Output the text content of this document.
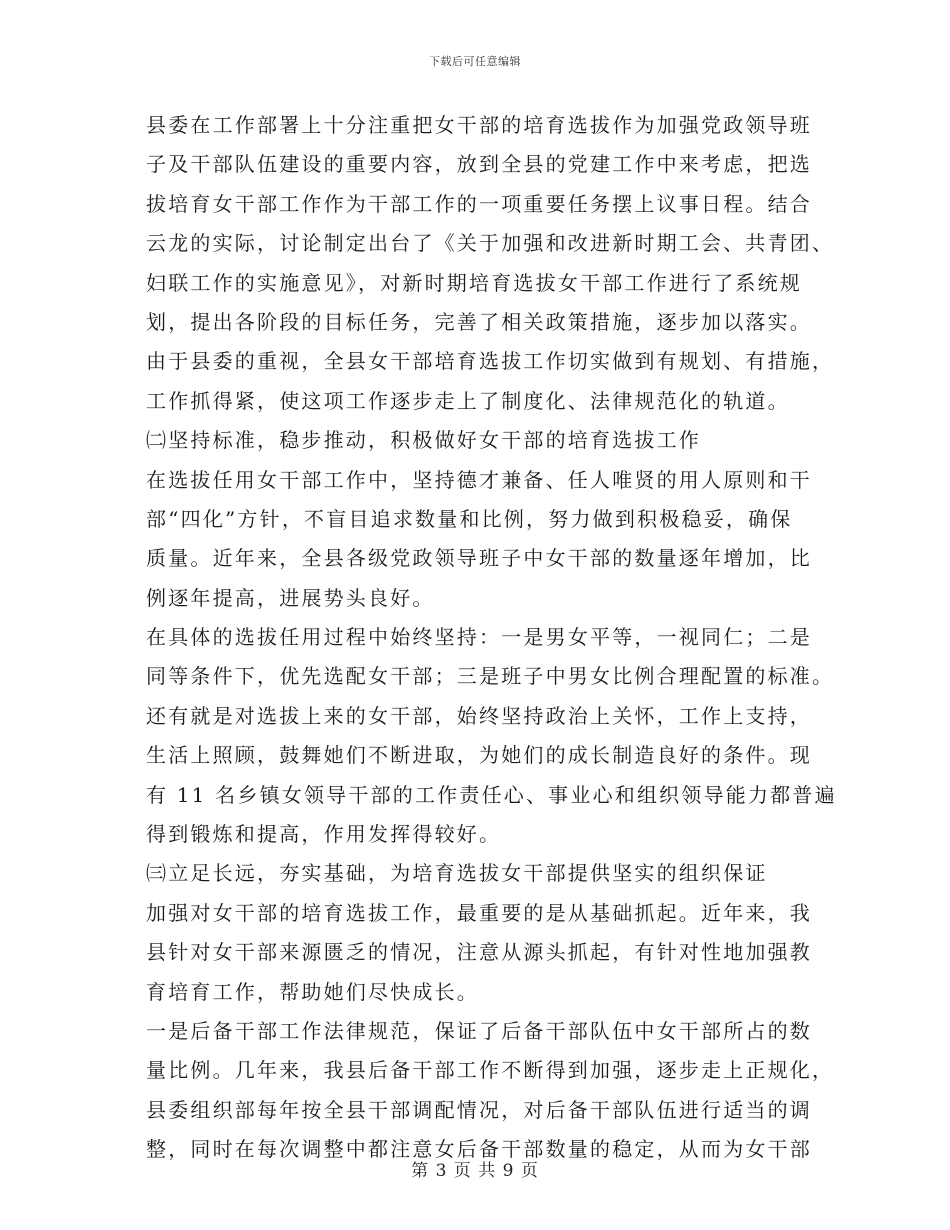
下载后可任意编辑
县委在工作部署上十分注重把女干部的培育选拔作为加强党政领导班
子及干部队伍建设的重要内容，放到全县的党建工作中来考虑，把选
拔培育女干部工作作为干部工作的一项重要任务摆上议事日程。结合
云龙的实际，讨论制定出台了《关于加强和改进新时期工会、共青团、
妇联工作的实施意见》，对新时期培育选拔女干部工作进行了系统规
划，提出各阶段的目标任务，完善了相关政策措施，逐步加以落实。
由于县委的重视，全县女干部培育选拔工作切实做到有规划、有措施，
工作抓得紧，使这项工作逐步走上了制度化、法律规范化的轨道。
㈡坚持标准，稳步推动，积极做好女干部的培育选拔工作
在选拔任用女干部工作中，坚持德才兼备、任人唯贤的用人原则和干
部“四化”方针，不盲目追求数量和比例，努力做到积极稳妥，确保
质量。近年来，全县各级党政领导班子中女干部的数量逐年增加，比
例逐年提高，进展势头良好。
在具体的选拔任用过程中始终坚持：一是男女平等，一视同仁；二是
同等条件下，优先选配女干部；三是班子中男女比例合理配置的标准。
还有就是对选拔上来的女干部，始终坚持政治上关怀，工作上支持，
生活上照顾，鼓舞她们不断进取，为她们的成长制造良好的条件。现
有 11 名乡镇女领导干部的工作责任心、事业心和组织领导能力都普遍
得到锻炼和提高，作用发挥得较好。
㈢立足长远，夯实基础，为培育选拔女干部提供坚实的组织保证
加强对女干部的培育选拔工作，最重要的是从基础抓起。近年来，我
县针对女干部来源匮乏的情况，注意从源头抓起，有针对性地加强教
育培育工作，帮助她们尽快成长。
一是后备干部工作法律规范，保证了后备干部队伍中女干部所占的数
量比例。几年来，我县后备干部工作不断得到加强，逐步走上正规化，
县委组织部每年按全县干部调配情况，对后备干部队伍进行适当的调
整，同时在每次调整中都注意女后备干部数量的稳定，从而为女干部
第 3 页 共 9 页
